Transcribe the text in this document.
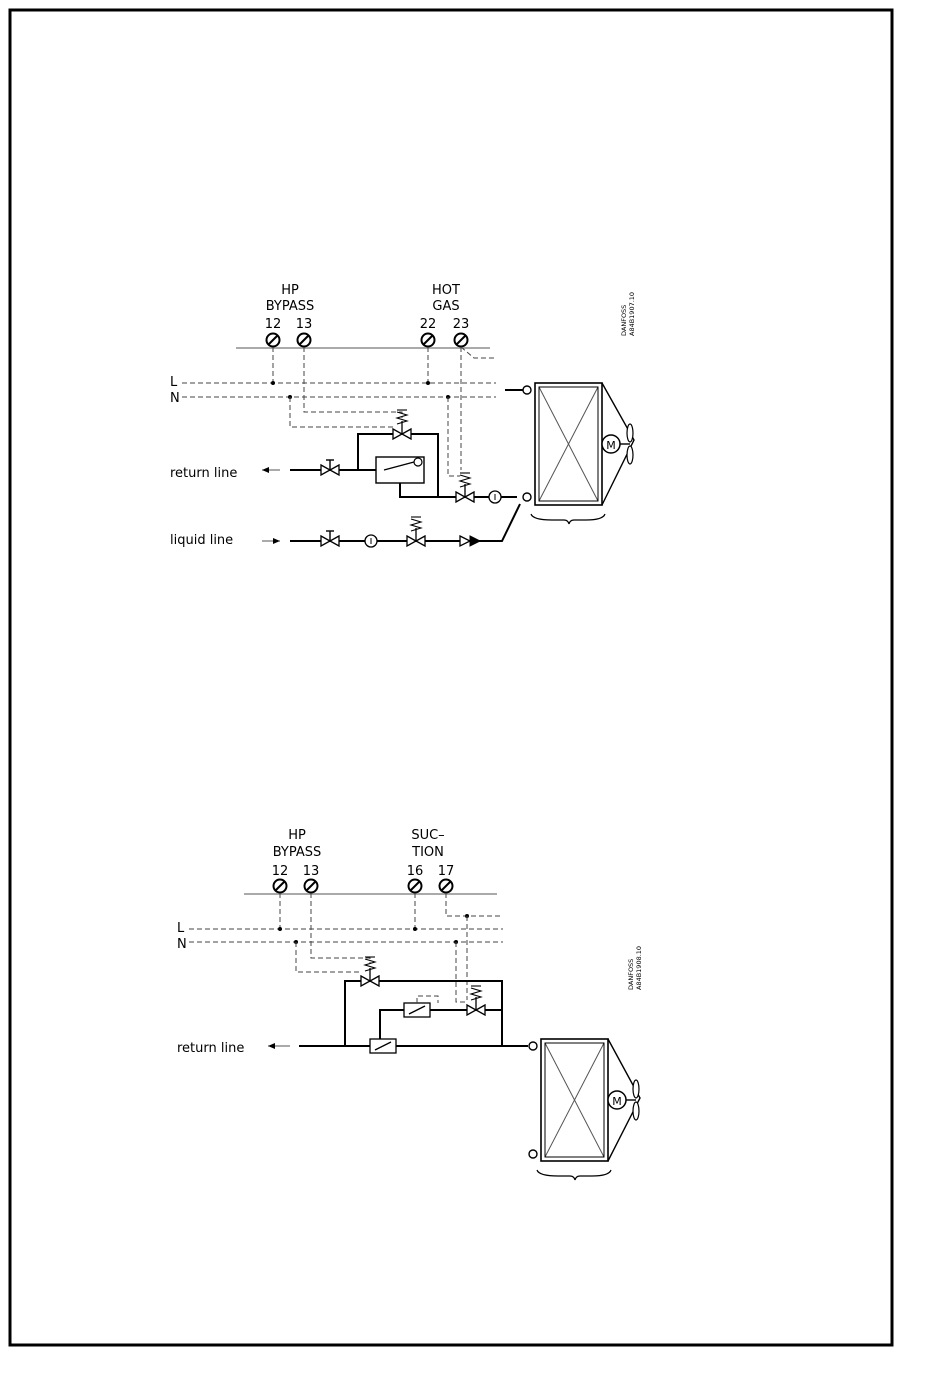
HP
BYPASS
HOT
GAS
12 13	22 23
L
N
return line
liquid line
M
DANFOSS A84B1907.10
HP
BYPASS
SUC–
TION
12 13	16 17
L
N
return line
M
DANFOSS A84B1908.10
